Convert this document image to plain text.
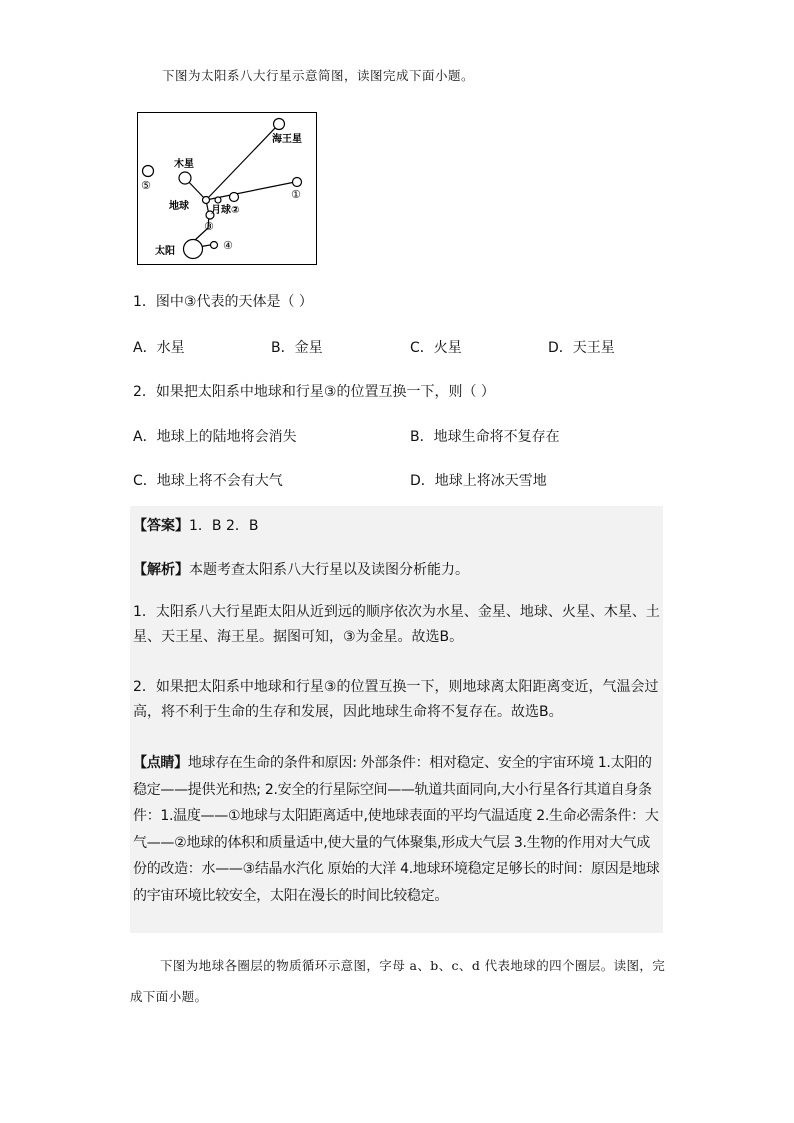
下图为太阳系八大行星示意简图，读图完成下面小题。
海王星
木星
地球 月球②
太阳
①
③
④
⑤
1．图中③代表的天体是（ ）
A．水星	B．金星	C．火星	D．天王星
2．如果把太阳系中地球和行星③的位置互换一下，则（ ）
A．地球上的陆地将会消失	B．地球生命将不复存在
C．地球上将不会有大气	D．地球上将冰天雪地
【答案】1．B 2．B
【解析】本题考查太阳系八大行星以及读图分析能力。
1．太阳系八大行星距太阳从近到远的顺序依次为水星、金星、地球、火星、木星、土星、天王星、海王星。据图可知，③为金星。故选B。
2．如果把太阳系中地球和行星③的位置互换一下，则地球离太阳距离变近，气温会过高，将不利于生命的生存和发展，因此地球生命将不复存在。故选B。
【点睛】地球存在生命的条件和原因: 外部条件：相对稳定、安全的宇宙环境 1.太阳的稳定——提供光和热; 2.安全的行星际空间——轨道共面同向,大小行星各行其道自身条件：1.温度——①地球与太阳距离适中,使地球表面的平均气温适度 2.生命必需条件：大气——②地球的体积和质量适中,使大量的气体聚集,形成大气层 3.生物的作用对大气成份的改造：水——③结晶水汽化 原始的大洋 4.地球环境稳定足够长的时间：原因是地球的宇宙环境比较安全，太阳在漫长的时间比较稳定。
下图为地球各圈层的物质循环示意图，字母 a、b、c、d 代表地球的四个圈层。读图，完成下面小题。
